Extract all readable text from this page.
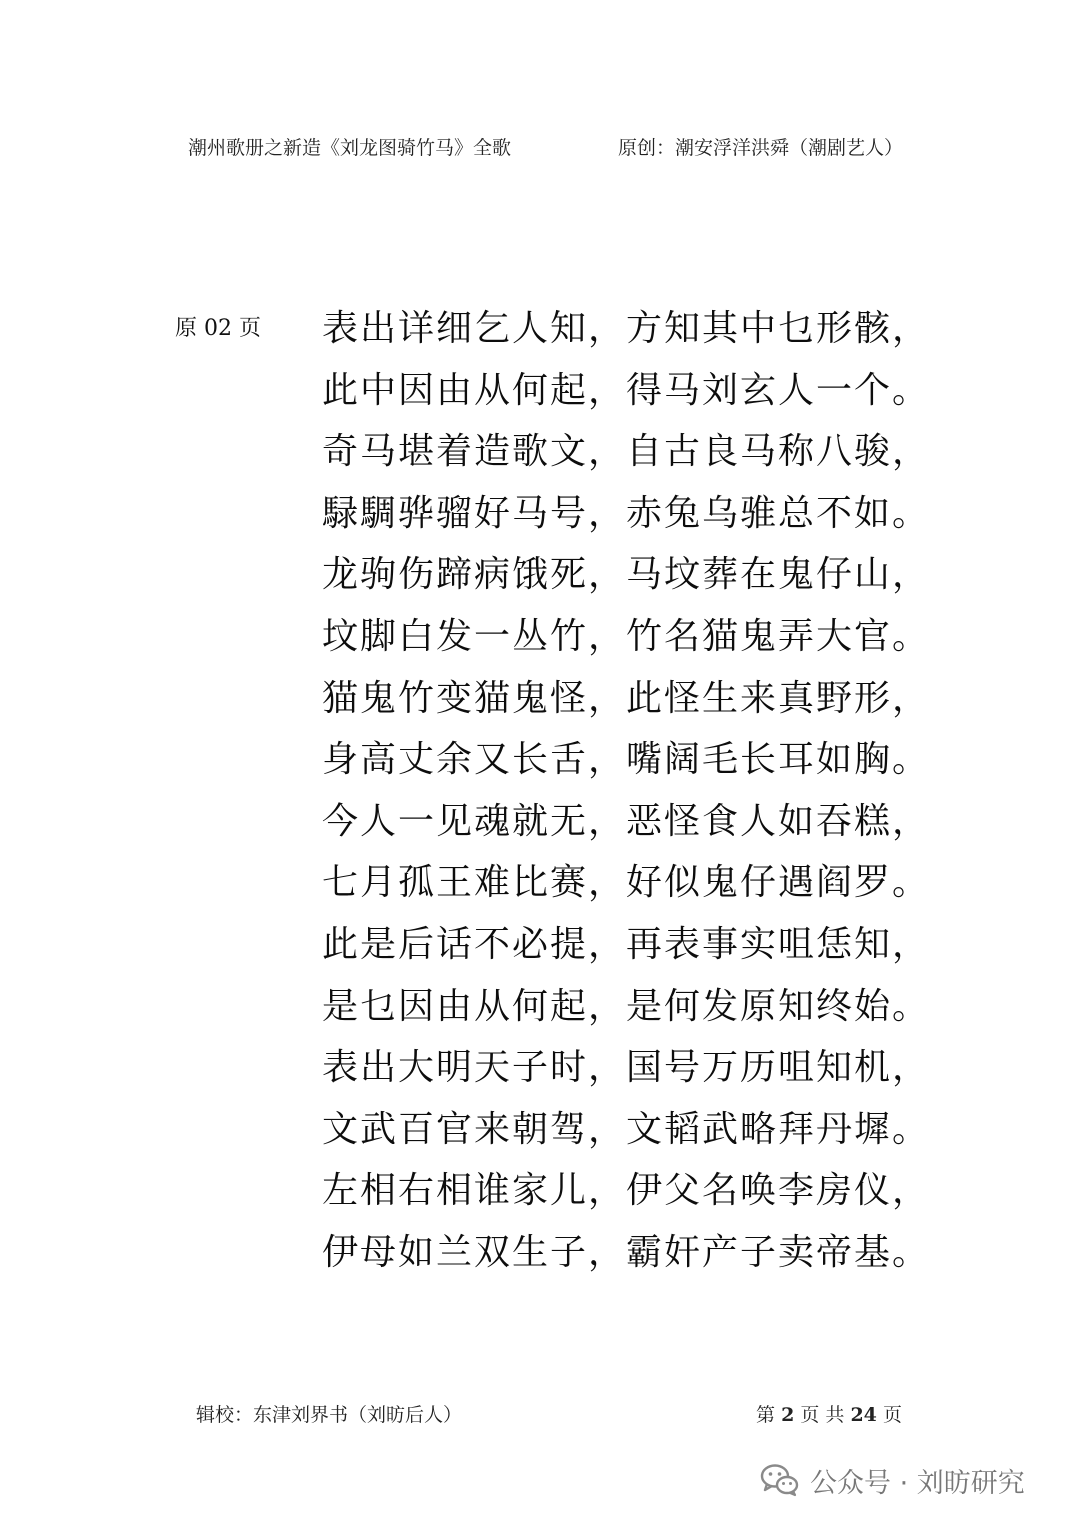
潮州歌册之新造《刘龙图骑竹马》全歌	原创：潮安浮洋洪舜（潮剧艺人）
原 02 页 表出详细乞人知，方知其中乜形骸，
此中因由从何起，得马刘玄人一个。
奇马堪着造歌文，自古良马称八骏，
騄騆骅骝好马号，赤兔乌骓总不如。
龙驹伤蹄病饿死，马坟葬在鬼仔山，
坟脚白发一丛竹，竹名猫鬼弄大官。
猫鬼竹变猫鬼怪，此怪生来真野形，
身高丈余又长舌，嘴阔毛长耳如胸。
今人一见魂就无，恶怪食人如吞糕，
七月孤王难比赛，好似鬼仔遇阎罗。
此是后话不必提，再表事实咀恁知，
是乜因由从何起，是何发原知终始。
表出大明天子时，国号万历咀知机，
文武百官来朝驾，文韬武略拜丹墀。
左相右相谁家儿，伊父名唤李房仪，
伊母如兰双生子，霸奸产子卖帝基。
辑校：东津刘界书（刘昉后人）	第 2 页 共 24 页
公众号 · 刘昉研究
